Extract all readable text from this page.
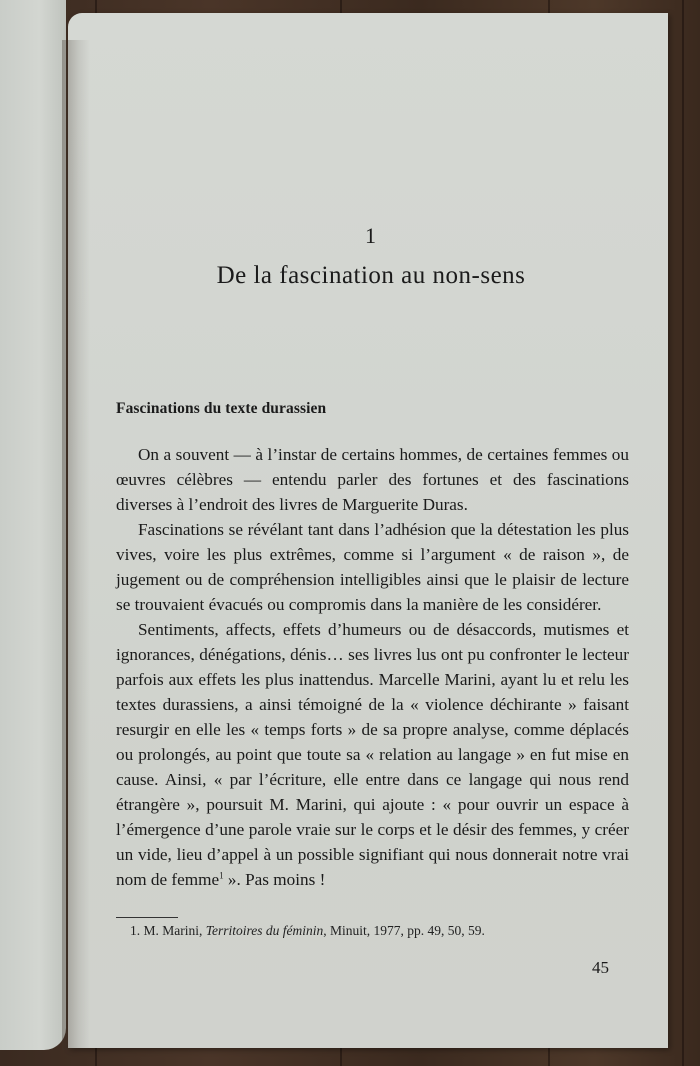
1
De la fascination au non-sens
Fascinations du texte durassien

On a souvent — à l’instar de certains hommes, de certaines femmes ou œuvres célèbres — entendu parler des fortunes et des fascinations diverses à l’endroit des livres de Marguerite Duras.

Fascinations se révélant tant dans l’adhésion que la détestation les plus vives, voire les plus extrêmes, comme si l’argument « de raison », de jugement ou de compréhension intelligibles ainsi que le plaisir de lecture se trouvaient évacués ou compromis dans la manière de les considérer.

Sentiments, affects, effets d’humeurs ou de désaccords, mutismes et ignorances, dénégations, dénis… ses livres lus ont pu confronter le lecteur parfois aux effets les plus inattendus. Marcelle Marini, ayant lu et relu les textes durassiens, a ainsi témoigné de la « violence déchirante » faisant resurgir en elle les « temps forts » de sa propre analyse, comme déplacés ou prolongés, au point que toute sa « relation au langage » en fut mise en cause. Ainsi, « par l’écriture, elle entre dans ce langage qui nous rend étrangère », poursuit M. Marini, qui ajoute : « pour ouvrir un espace à l’émergence d’une parole vraie sur le corps et le désir des femmes, y créer un vide, lieu d’appel à un possible signifiant qui nous donnerait notre vrai nom de femme$^1$ ». Pas moins !

1. M. Marini, Territoires du féminin, Minuit, 1977, pp. 49, 50, 59.
45
